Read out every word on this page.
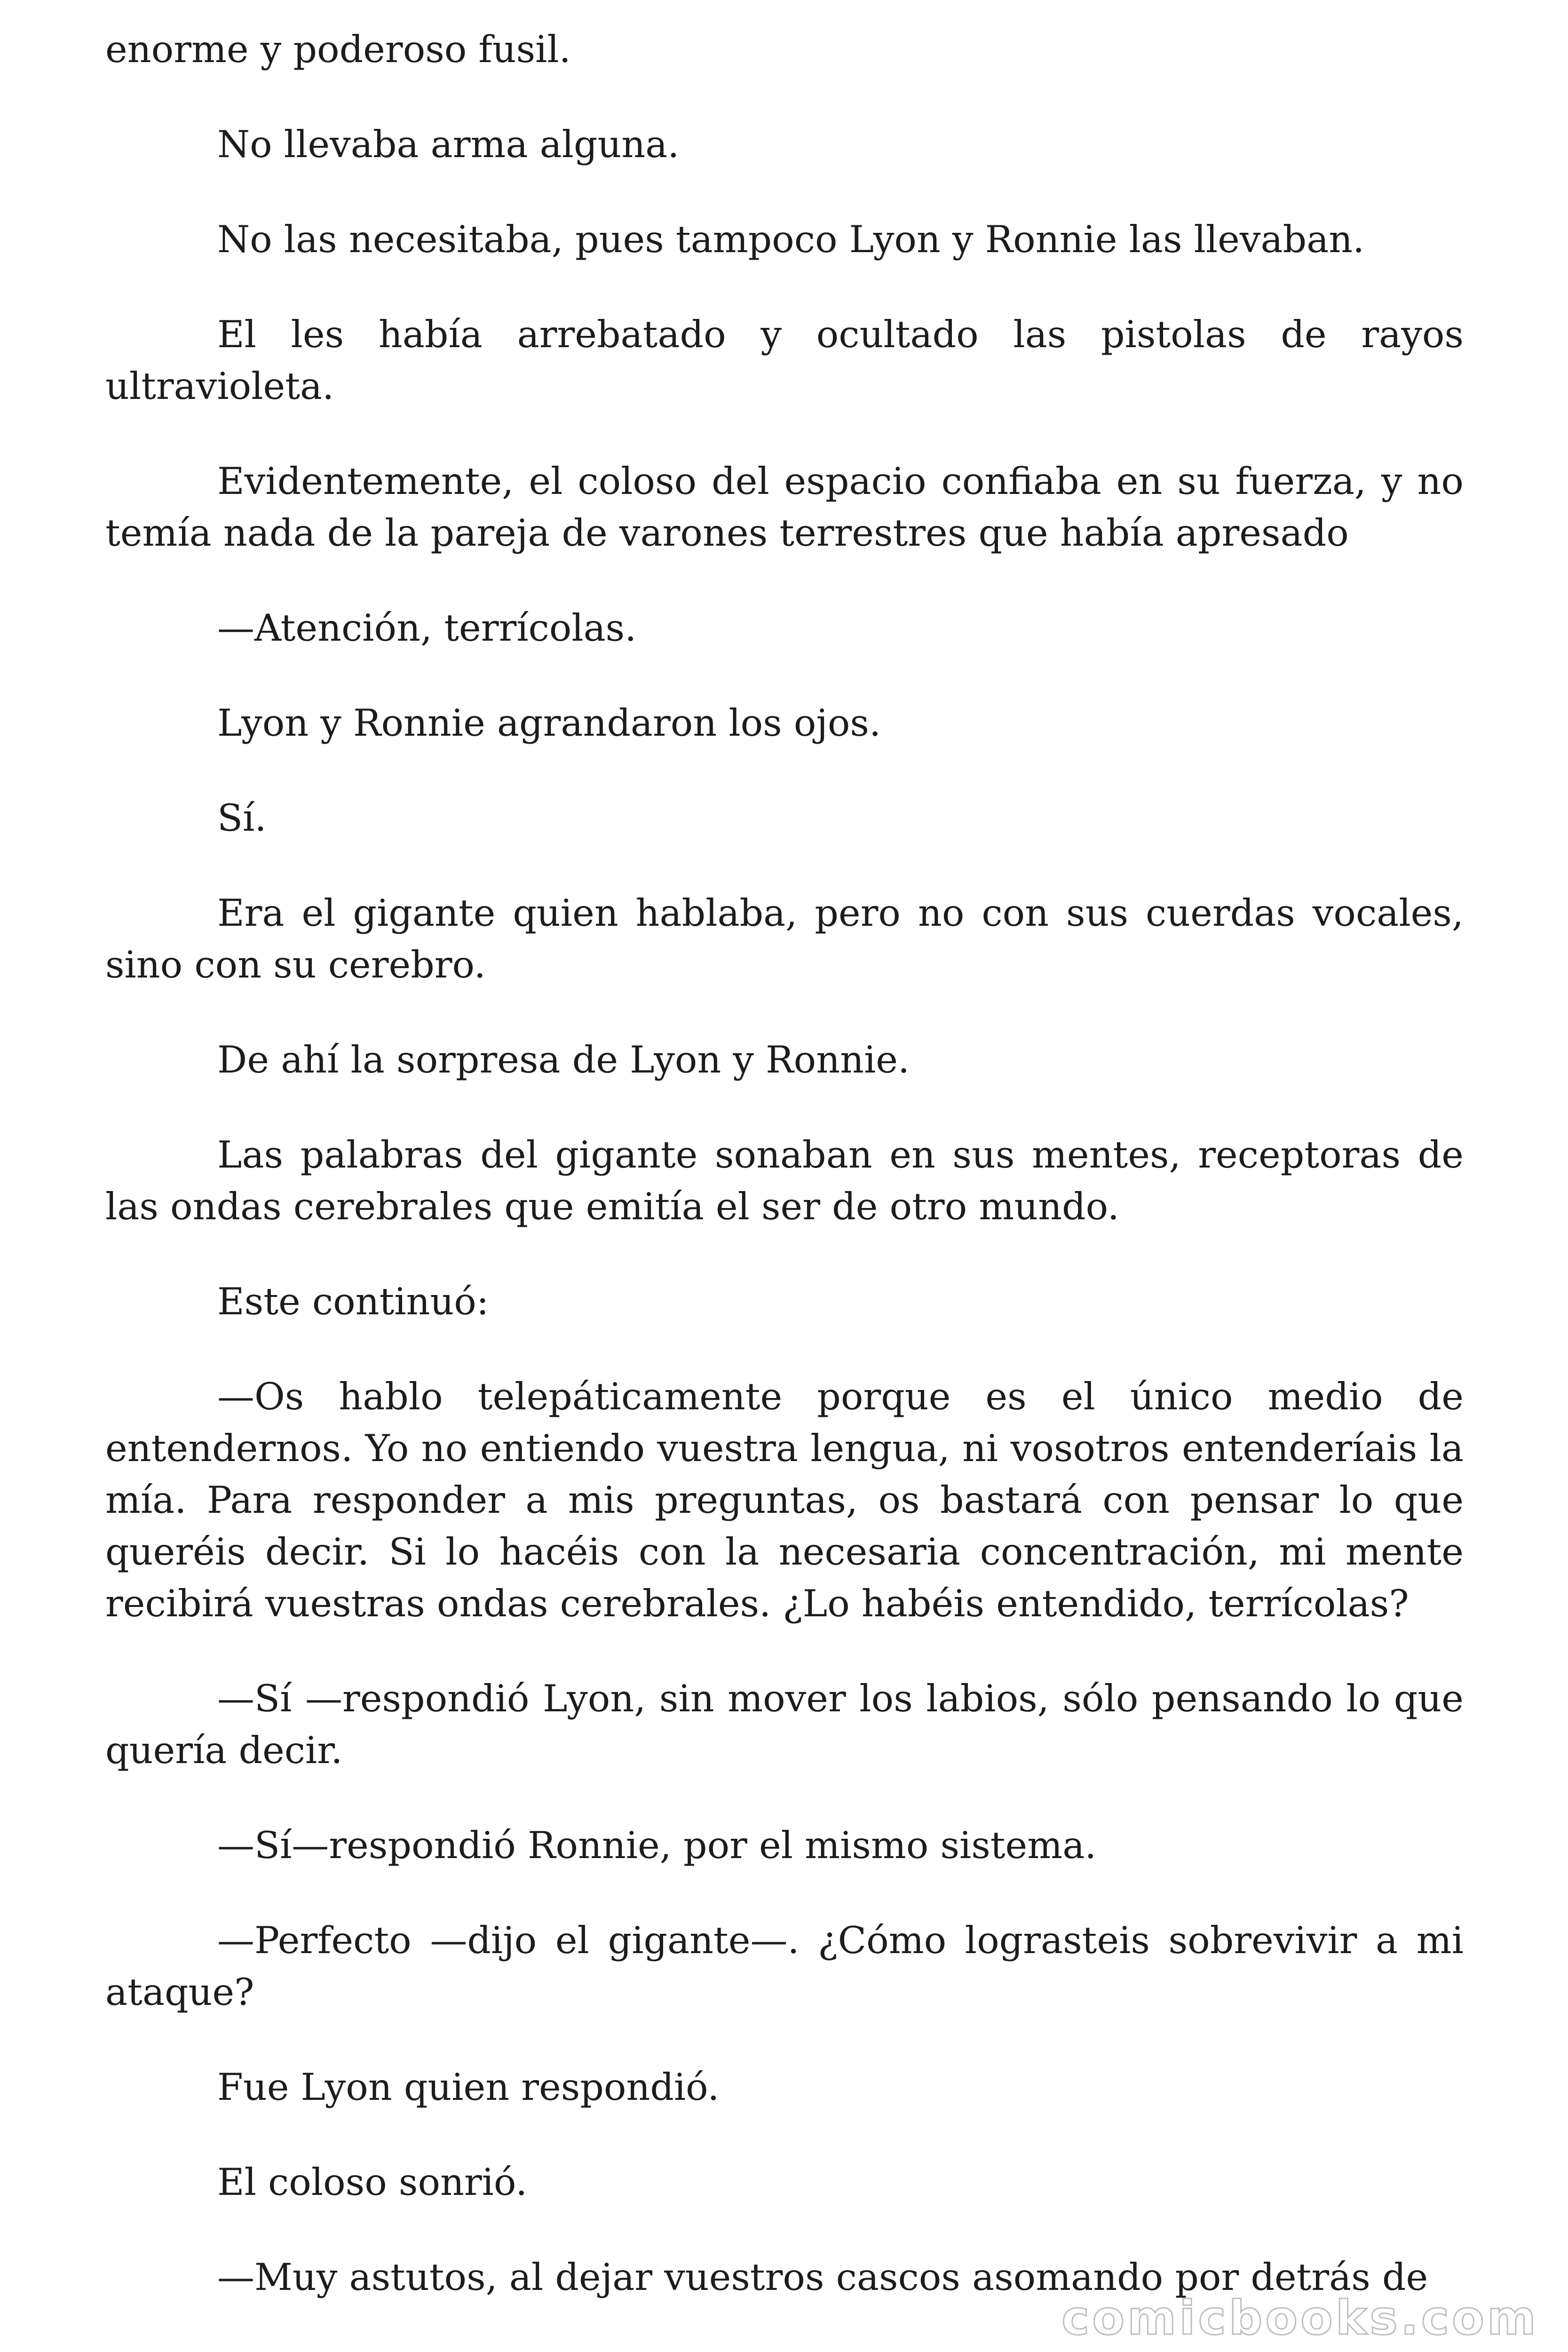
enorme y poderoso fusil.

No llevaba arma alguna.

No las necesitaba, pues tampoco Lyon y Ronnie las llevaban.

El les había arrebatado y ocultado las pistolas de rayos ultravioleta.

Evidentemente, el coloso del espacio confiaba en su fuerza, y no temía nada de la pareja de varones terrestres que había apresado

—Atención, terrícolas.

Lyon y Ronnie agrandaron los ojos.

Sí.

Era el gigante quien hablaba, pero no con sus cuerdas vocales, sino con su cerebro.

De ahí la sorpresa de Lyon y Ronnie.

Las palabras del gigante sonaban en sus mentes, receptoras de las ondas cerebrales que emitía el ser de otro mundo.

Este continuó:

—Os hablo telepáticamente porque es el único medio de entendernos. Yo no entiendo vuestra lengua, ni vosotros entenderíais la mía. Para responder a mis preguntas, os bastará con pensar lo que queréis decir. Si lo hacéis con la necesaria concentración, mi mente recibirá vuestras ondas cerebrales. ¿Lo habéis entendido, terrícolas?

—Sí —respondió Lyon, sin mover los labios, sólo pensando lo que quería decir.

—Sí—respondió Ronnie, por el mismo sistema.

—Perfecto —dijo el gigante—. ¿Cómo lograsteis sobrevivir a mi ataque?

Fue Lyon quien respondió.

El coloso sonrió.

—Muy astutos, al dejar vuestros cascos asomando por detrás de

comicbooks.com
